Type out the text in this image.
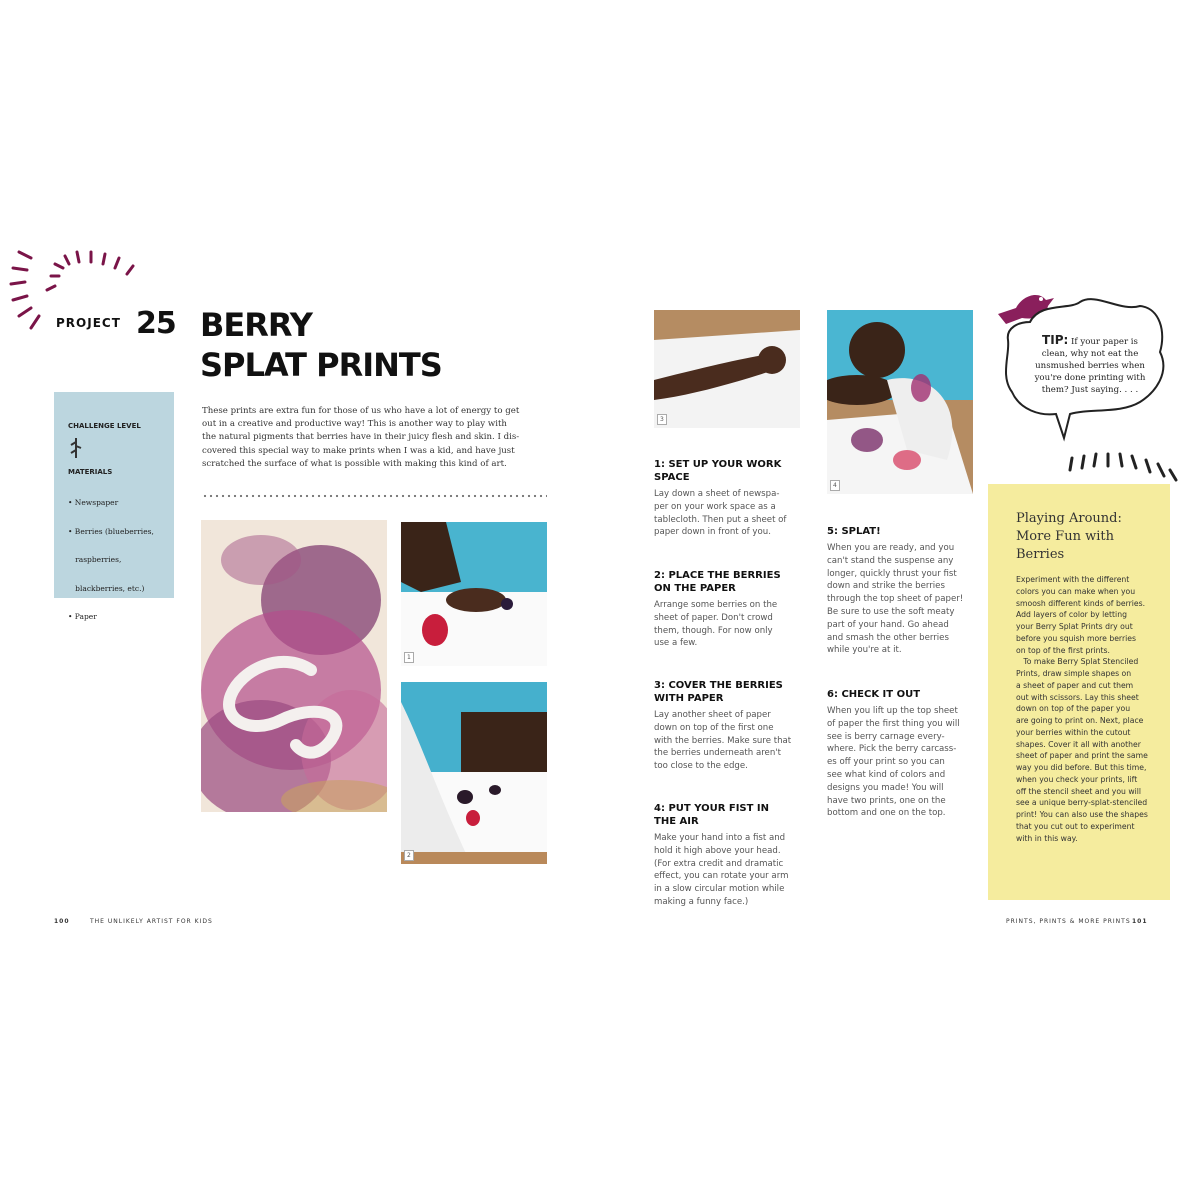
PROJECT 25 BERRY
SPLAT PRINTS
CHALLENGE LEVEL
MATERIALS

• Newspaper

• Berries (blueberries,

raspberries,

blackberries, etc.)

• Paper

These prints are extra fun for those of us who have a lot of energy to get
out in a creative and productive way! This is another way to play with
the natural pigments that berries have in their juicy flesh and skin. I dis-
covered this special way to make prints when I was a kid, and have just
scratched the surface of what is possible with making this kind of art.
1
2
3
4
1: SET UP YOUR WORK
SPACE
Lay down a sheet of newspa-
per on your work space as a
tablecloth. Then put a sheet of
paper down in front of you.
2: PLACE THE BERRIES
ON THE PAPER
Arrange some berries on the
sheet of paper. Don't crowd
them, though. For now only
use a few.
3: COVER THE BERRIES
WITH PAPER
Lay another sheet of paper
down on top of the first one
with the berries. Make sure that
the berries underneath aren't
too close to the edge.
4: PUT YOUR FIST IN
THE AIR
Make your hand into a fist and
hold it high above your head.
(For extra credit and dramatic
effect, you can rotate your arm
in a slow circular motion while
making a funny face.)
5: SPLAT!
When you are ready, and you
can't stand the suspense any
longer, quickly thrust your fist
down and strike the berries
through the top sheet of paper!
Be sure to use the soft meaty
part of your hand. Go ahead
and smash the other berries
while you're at it.
6: CHECK IT OUT
When you lift up the top sheet
of paper the first thing you will
see is berry carnage every-
where. Pick the berry carcass-
es off your print so you can
see what kind of colors and
designs you made! You will
have two prints, one on the
bottom and one on the top.
TIP: If your paper is
clean, why not eat the
unsmushed berries when
you're done printing with
them? Just saying. . . .
Playing Around:
More Fun with
Berries
Experiment with the different
colors you can make when you
smoosh different kinds of berries.
Add layers of color by letting
your Berry Splat Prints dry out
before you squish more berries
on top of the first prints.
To make Berry Splat Stenciled
Prints, draw simple shapes on
a sheet of paper and cut them
out with scissors. Lay this sheet
down on top of the paper you
are going to print on. Next, place
your berries within the cutout
shapes. Cover it all with another
sheet of paper and print the same
way you did before. But this time,
when you check your prints, lift
off the stencil sheet and you will
see a unique berry-splat-stenciled
print! You can also use the shapes
that you cut out to experiment
with in this way.
100	THE UNLIKELY ARTIST FOR KIDS	PRINTS, PRINTS & MORE PRINTS 101
